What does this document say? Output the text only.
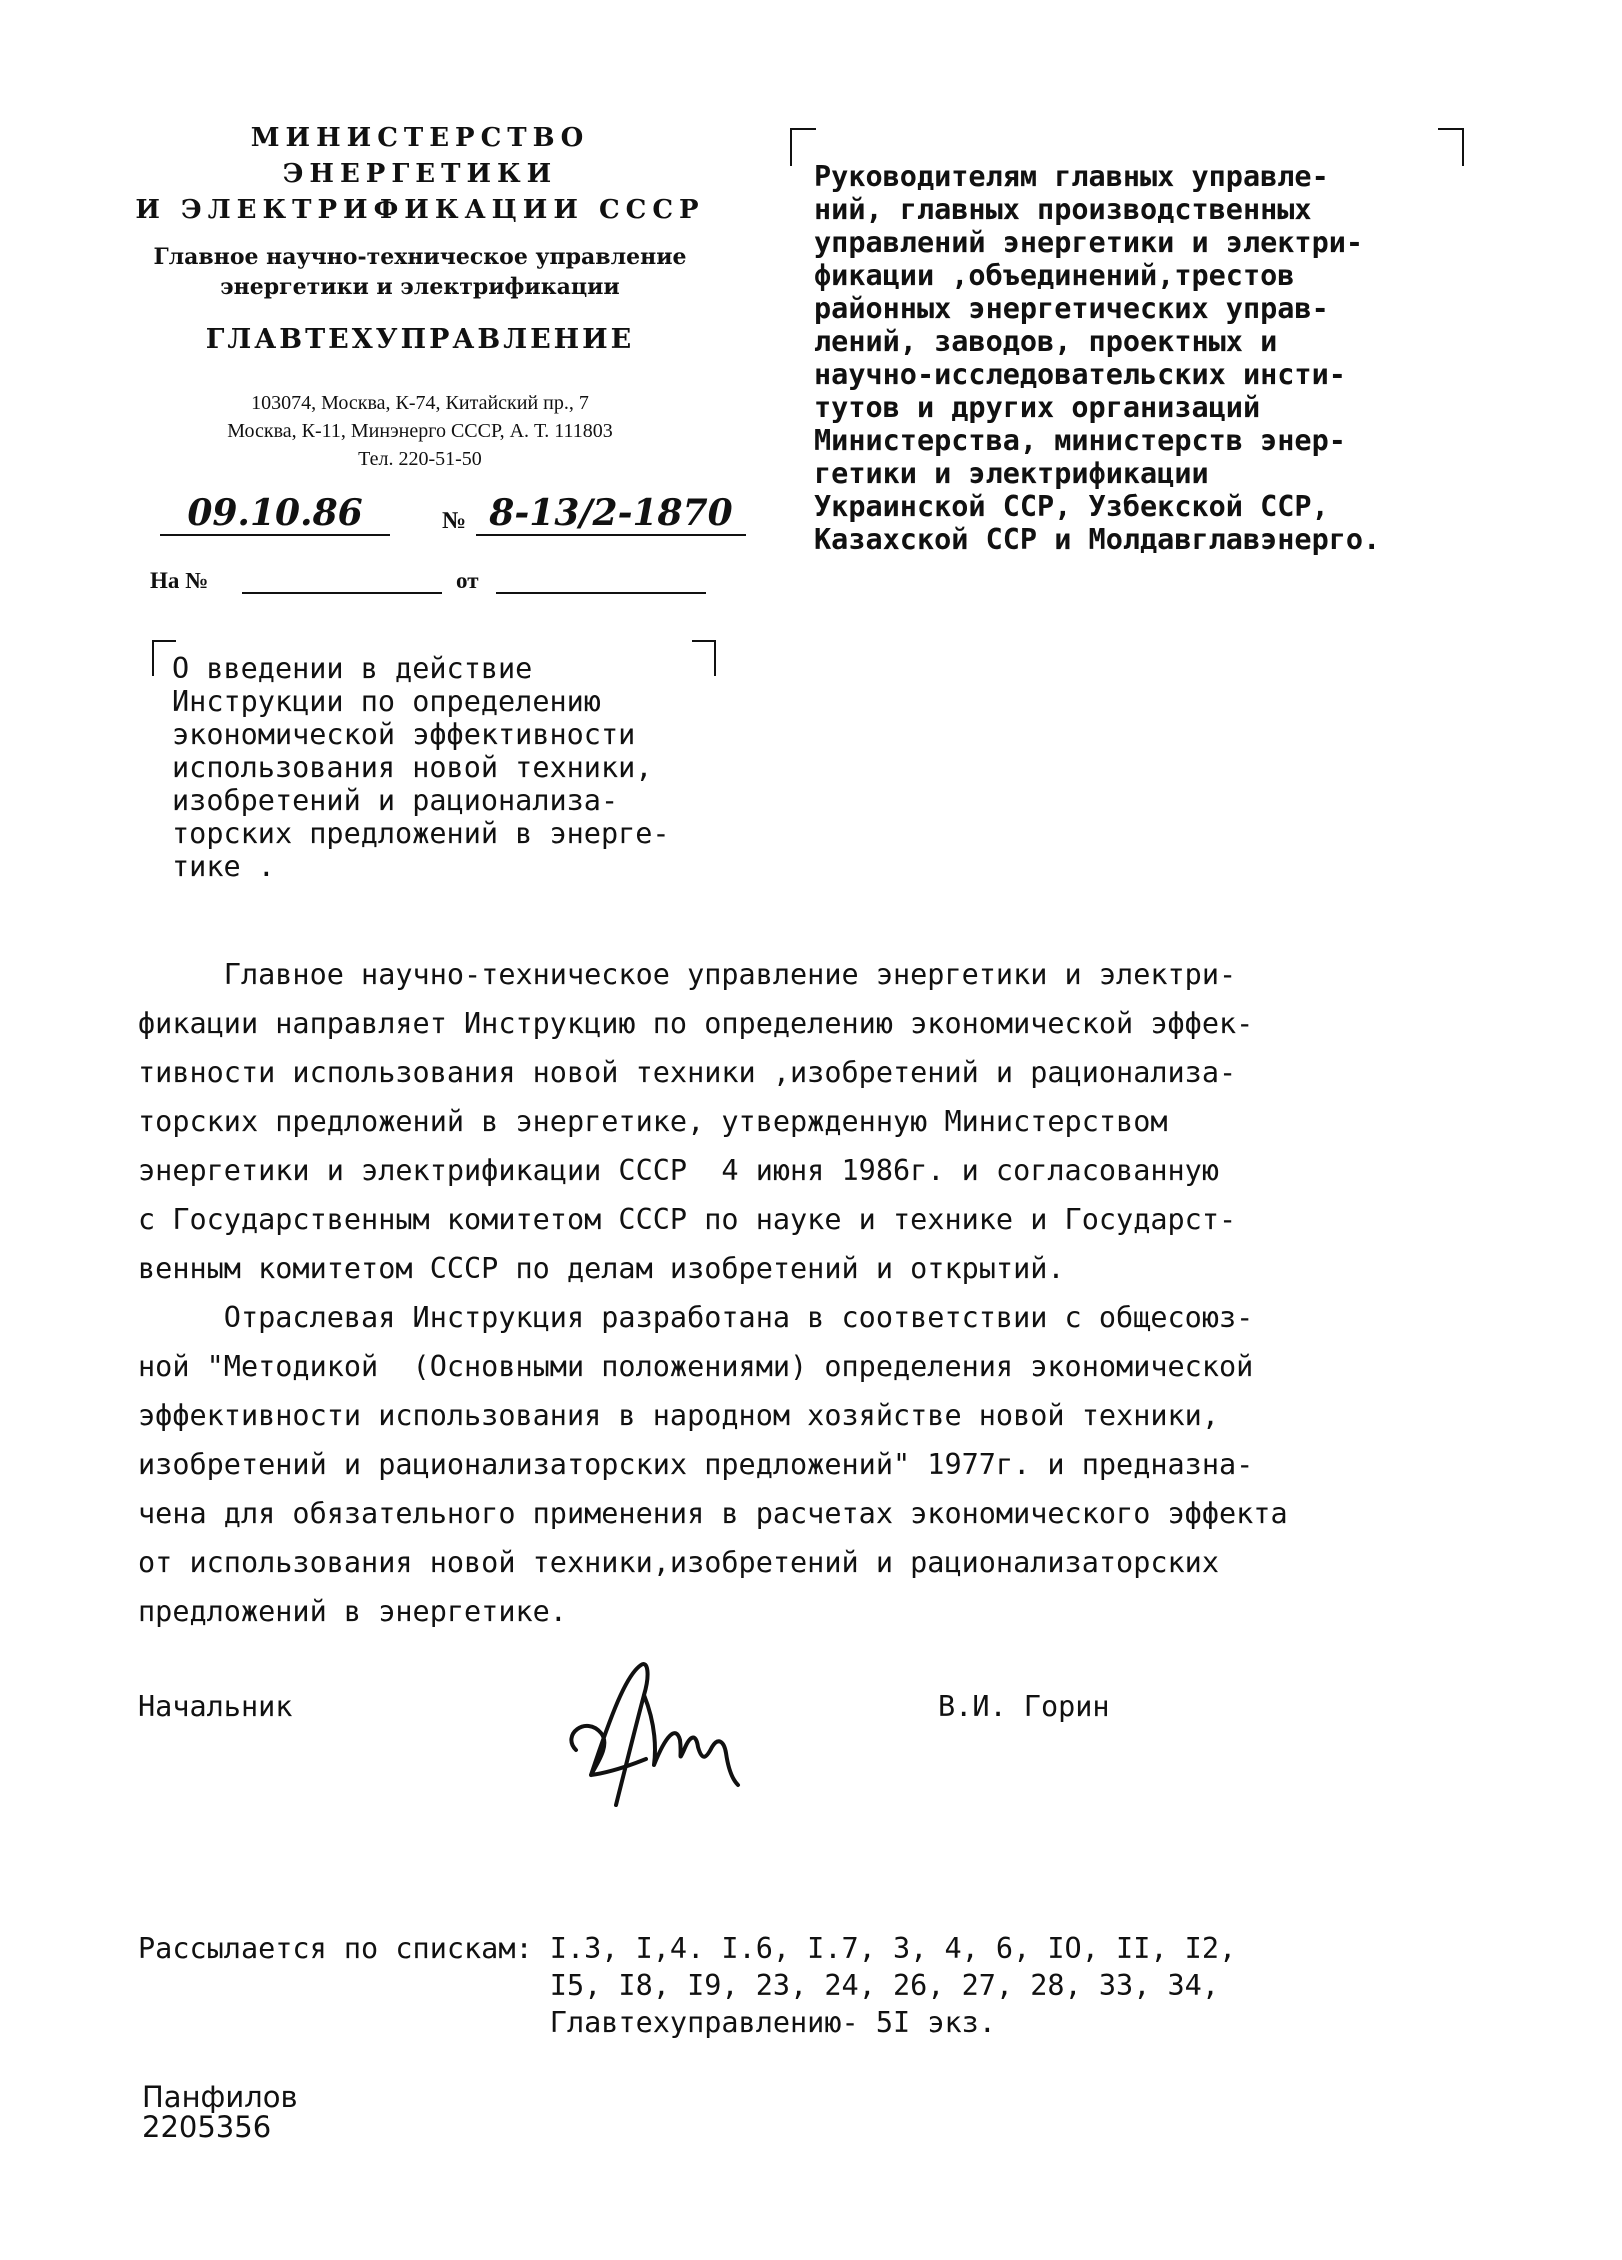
МИНИСТЕРСТВО ЭНЕРГЕТИКИ
И ЭЛЕКТРИФИКАЦИИ СССР
Главное научно-техническое управление
энергетики и электрификации
ГЛАВТЕХУПРАВЛЕНИЕ
103074, Москва, К-74, Китайский пр., 7
Москва, К-11, Минэнерго СССР, А. Т. 111803
Тел. 220-51-50
09.10.86	№ 8-13/2-1870
На №	от
Руководителям главных управле-
ний, главных производственных
управлений энергетики и электри-
фикации ,объединений,трестов
районных энергетических управ-
лений, заводов, проектных и
научно-исследовательских инсти-
тутов и других организаций
Министерства, министерств энер-
гетики и электрификации
Украинской ССР, Узбекской ССР,
Казахской ССР и Молдавглавэнерго.
О введении в действие
Инструкции по определению
экономической эффективности
использования новой техники,
изобретений и рационализа-
торских предложений в энерге-
тике .
Главное научно-техническое управление энергетики и электри-
фикации направляет Инструкцию по определению экономической эффек-
тивности использования новой техники ,изобретений и рационализа-
торских предложений в энергетике, утвержденную Министерством
энергетики и электрификации СССР  4 июня 1986г. и согласованную
с Государственным комитетом СССР по науке и технике и Государст-
венным комитетом СССР по делам изобретений и открытий.
Отраслевая Инструкция разработана в соответствии с общесоюз-
ной "Методикой  (Основными положениями) определения экономической
эффективности использования в народном хозяйстве новой техники,
изобретений и рационализаторских предложений" 1977г. и предназна-
чена для обязательного применения в расчетах экономического эффекта
от использования новой техники,изобретений и рационализаторских
предложений в энергетике.
Начальник	В.И. Горин
Рассылается по спискам: I.3, I,4. I.6, I.7, 3, 4, 6, IO, II, I2,
I5, I8, I9, 23, 24, 26, 27, 28, 33, 34,
Главтехуправлению- 5I экз.
Панфилов
2205356
